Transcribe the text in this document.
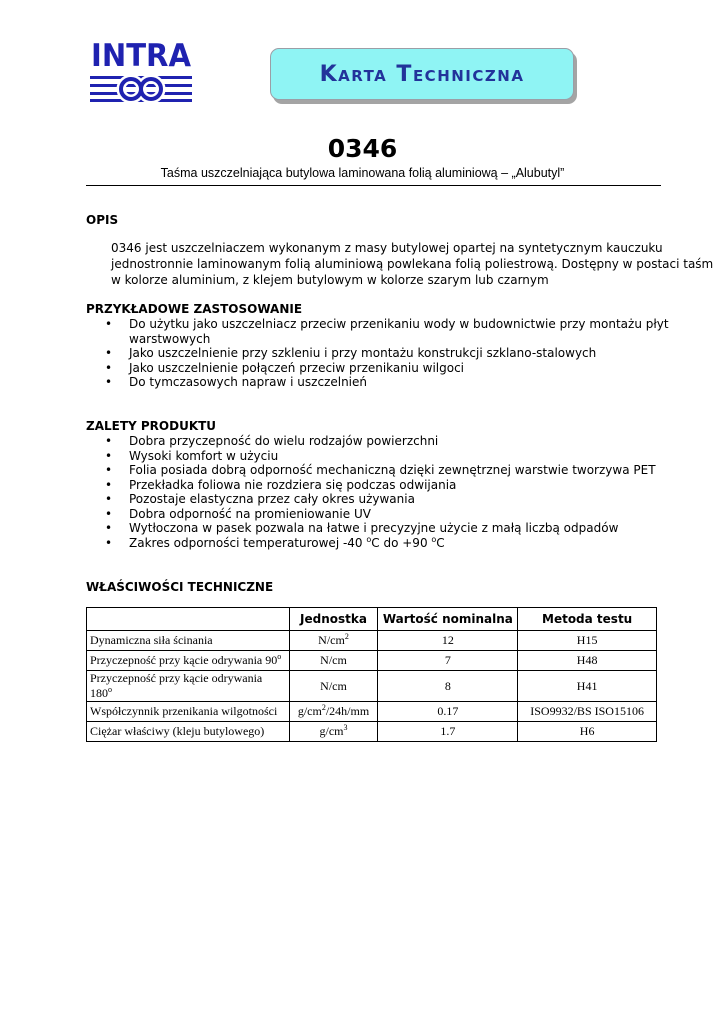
INTRA	Karta Techniczna
0346
Taśma uszczelniająca butylowa laminowana folią aluminiową – „Alubutyl”
OPIS
0346 jest uszczelniaczem wykonanym z masy butylowej opartej na syntetycznym kauczuku
jednostronnie laminowanym folią aluminiową powlekana folią poliestrową. Dostępny w postaci taśm
w kolorze aluminium, z klejem butylowym w kolorze szarym lub czarnym
PRZYKŁADOWE ZASTOSOWANIE
• Do użytku jako uszczelniacz przeciw przenikaniu wody w budownictwie przy montażu płyt
warstwowych
• Jako uszczelnienie przy szkleniu i przy montażu konstrukcji szklano-stalowych
• Jako uszczelnienie połączeń przeciw przenikaniu wilgoci
• Do tymczasowych napraw i uszczelnień
ZALETY PRODUKTU
• Dobra przyczepność do wielu rodzajów powierzchni
• Wysoki komfort w użyciu
• Folia posiada dobrą odporność mechaniczną dzięki zewnętrznej warstwie tworzywa PET
• Przekładka foliowa nie rozdziera się podczas odwijania
• Pozostaje elastyczna przez cały okres używania
• Dobra odporność na promieniowanie UV
• Wytłoczona w pasek pozwala na łatwe i precyzyjne użycie z małą liczbą odpadów
• Zakres odporności temperaturowej -40 $^o$C do +90 $^o$C
WŁAŚCIWOŚCI TECHNICZNE
	Jednostka	Wartość nominalna	Metoda testu
Dynamiczna siła ścinania	$N/cm^2$	12	H15
Przyczepność przy kącie odrywania 90$^o$	N/cm	7	H48
Przyczepność przy kącie odrywania 180$^o$	N/cm	8	H41
Współczynnik przenikania wilgotności	$g/cm^2/24h/mm$	0.17	ISO9932/BS ISO15106
Ciężar właściwy (kleju butylowego)	$g/cm^3$	1.7	H6
